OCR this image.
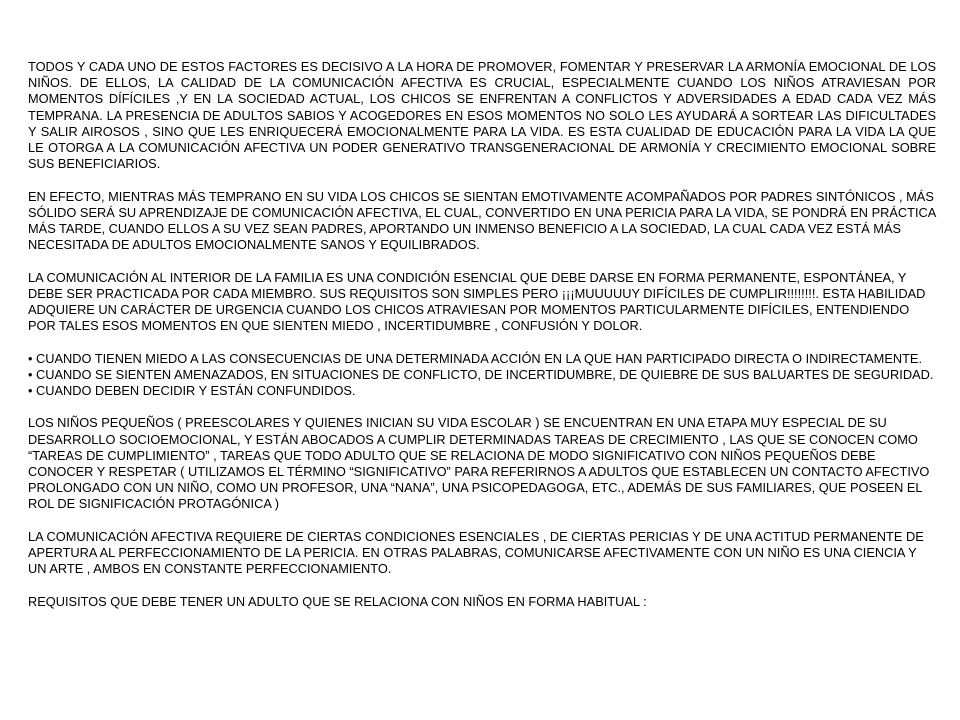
TODOS Y CADA UNO DE ESTOS FACTORES ES DECISIVO A LA HORA DE PROMOVER, FOMENTAR Y PRESERVAR LA ARMONÍA EMOCIONAL DE LOS NIÑOS. DE ELLOS, LA CALIDAD DE LA COMUNICACIÓN AFECTIVA ES CRUCIAL, ESPECIALMENTE CUANDO LOS NIÑOS ATRAVIESAN POR MOMENTOS DÍFÍCILES ,Y EN LA SOCIEDAD ACTUAL, LOS CHICOS SE ENFRENTAN A CONFLICTOS Y ADVERSIDADES A EDAD CADA VEZ MÁS TEMPRANA. LA PRESENCIA DE ADULTOS SABIOS Y ACOGEDORES EN ESOS MOMENTOS NO SOLO LES AYUDARÁ A SORTEAR LAS DIFICULTADES Y SALIR AIROSOS , SINO QUE LES ENRIQUECERÁ EMOCIONALMENTE PARA LA VIDA. ES ESTA CUALIDAD DE EDUCACIÓN PARA LA VIDA LA QUE LE OTORGA A LA COMUNICACIÓN AFECTIVA UN PODER GENERATIVO TRANSGENERACIONAL DE ARMONÍA Y CRECIMIENTO EMOCIONAL SOBRE SUS BENEFICIARIOS.

EN EFECTO, MIENTRAS MÁS TEMPRANO EN SU VIDA LOS CHICOS SE SIENTAN EMOTIVAMENTE ACOMPAÑADOS POR PADRES SINTÓNICOS , MÁS SÓLIDO SERÁ SU APRENDIZAJE DE COMUNICACIÓN AFECTIVA, EL CUAL, CONVERTIDO EN UNA PERICIA PARA LA VIDA, SE PONDRÁ EN PRÁCTICA MÁS TARDE, CUANDO ELLOS A SU VEZ SEAN PADRES, APORTANDO UN INMENSO BENEFICIO A LA SOCIEDAD, LA CUAL CADA VEZ ESTÁ MÁS NECESITADA DE ADULTOS EMOCIONALMENTE SANOS Y EQUILIBRADOS.

LA COMUNICACIÓN AL INTERIOR DE LA FAMILIA ES UNA CONDICIÓN ESENCIAL QUE DEBE DARSE EN FORMA PERMANENTE, ESPONTÁNEA, Y DEBE SER PRACTICADA POR CADA MIEMBRO. SUS REQUISITOS SON SIMPLES PERO ¡¡¡MUUUUUY DIFÍCILES DE CUMPLIR!!!!!!!!. ESTA HABILIDAD ADQUIERE UN CARÁCTER DE URGENCIA CUANDO LOS CHICOS ATRAVIESAN POR MOMENTOS PARTICULARMENTE DIFÍCILES, ENTENDIENDO POR TALES ESOS MOMENTOS EN QUE SIENTEN MIEDO , INCERTIDUMBRE , CONFUSIÓN Y DOLOR.

• CUANDO TIENEN MIEDO A LAS CONSECUENCIAS DE UNA DETERMINADA ACCIÓN EN LA QUE HAN PARTICIPADO DIRECTA O INDIRECTAMENTE.

• CUANDO SE SIENTEN AMENAZADOS, EN SITUACIONES DE CONFLICTO, DE INCERTIDUMBRE, DE QUIEBRE DE SUS BALUARTES DE SEGURIDAD.

• CUANDO DEBEN DECIDIR Y ESTÁN CONFUNDIDOS.

LOS NIÑOS PEQUEÑOS ( PREESCOLARES Y QUIENES INICIAN SU VIDA ESCOLAR ) SE ENCUENTRAN EN UNA ETAPA MUY ESPECIAL DE SU DESARROLLO SOCIOEMOCIONAL, Y ESTÁN ABOCADOS A CUMPLIR DETERMINADAS TAREAS DE CRECIMIENTO , LAS QUE SE CONOCEN COMO “TAREAS DE CUMPLIMIENTO” , TAREAS QUE TODO ADULTO QUE SE RELACIONA DE MODO SIGNIFICATIVO CON NIÑOS PEQUEÑOS DEBE CONOCER Y RESPETAR ( UTILIZAMOS EL TÉRMINO “SIGNIFICATIVO” PARA REFERIRNOS A ADULTOS QUE ESTABLECEN UN CONTACTO AFECTIVO PROLONGADO CON UN NIÑO, COMO UN PROFESOR, UNA “NANA”, UNA PSICOPEDAGOGA, ETC., ADEMÁS DE SUS FAMILIARES, QUE POSEEN EL ROL DE SIGNIFICACIÓN PROTAGÓNICA )

LA COMUNICACIÓN AFECTIVA REQUIERE DE CIERTAS CONDICIONES ESENCIALES , DE CIERTAS PERICIAS Y DE UNA ACTITUD PERMANENTE DE APERTURA AL PERFECCIONAMIENTO DE LA PERICIA. EN OTRAS PALABRAS, COMUNICARSE AFECTIVAMENTE CON UN NIÑO ES UNA CIENCIA Y UN ARTE , AMBOS EN CONSTANTE PERFECCIONAMIENTO.

REQUISITOS QUE DEBE TENER UN ADULTO QUE SE RELACIONA CON NIÑOS EN FORMA HABITUAL :
